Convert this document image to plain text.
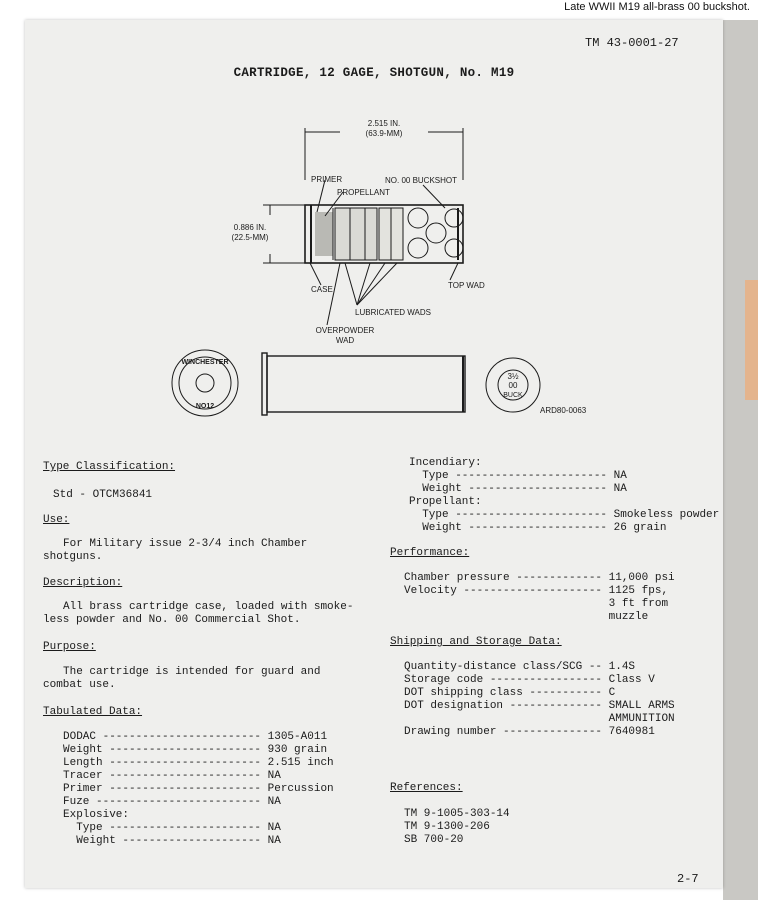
Late WWII M19 all-brass 00 buckshot.
TM 43-0001-27
CARTRIDGE, 12 GAGE, SHOTGUN, No. M19
2.515 IN.
(63.9-MM)
0.886 IN.
(22.5-MM)
PRIMER
PROPELLANT
NO. 00 BUCKSHOT
CASE	TOP WAD
LUBRICATED WADS
OVERPOWDER
WAD
WINCHESTER
NO12
3½
00
BUCK
ARD80-0063
Type Classification:
Std - OTCM36841
Use:
For Military issue 2-3/4 inch Chamber
shotguns.
Description:
All brass cartridge case, loaded with smoke-
less powder and No. 00 Commercial Shot.
Purpose:
The cartridge is intended for guard and
combat use.
Tabulated Data:
DODAC ------------------------ 1305-A011
Weight ----------------------- 930 grain
Length ----------------------- 2.515 inch
Tracer ----------------------- NA
Primer ----------------------- Percussion
Fuze ------------------------- NA
Explosive:
Type ----------------------- NA
Weight --------------------- NA
Incendiary:
Type ----------------------- NA
Weight --------------------- NA
Propellant:
Type ----------------------- Smokeless powder
Weight --------------------- 26 grain
Performance:
Chamber pressure ------------- 11,000 psi
Velocity --------------------- 1125 fps,
3 ft from
muzzle
Shipping and Storage Data:
Quantity-distance class/SCG -- 1.4S
Storage code ----------------- Class V
DOT shipping class ----------- C
DOT designation -------------- SMALL ARMS
AMMUNITION
Drawing number --------------- 7640981
References:
TM 9-1005-303-14
TM 9-1300-206
SB 700-20
2-7
